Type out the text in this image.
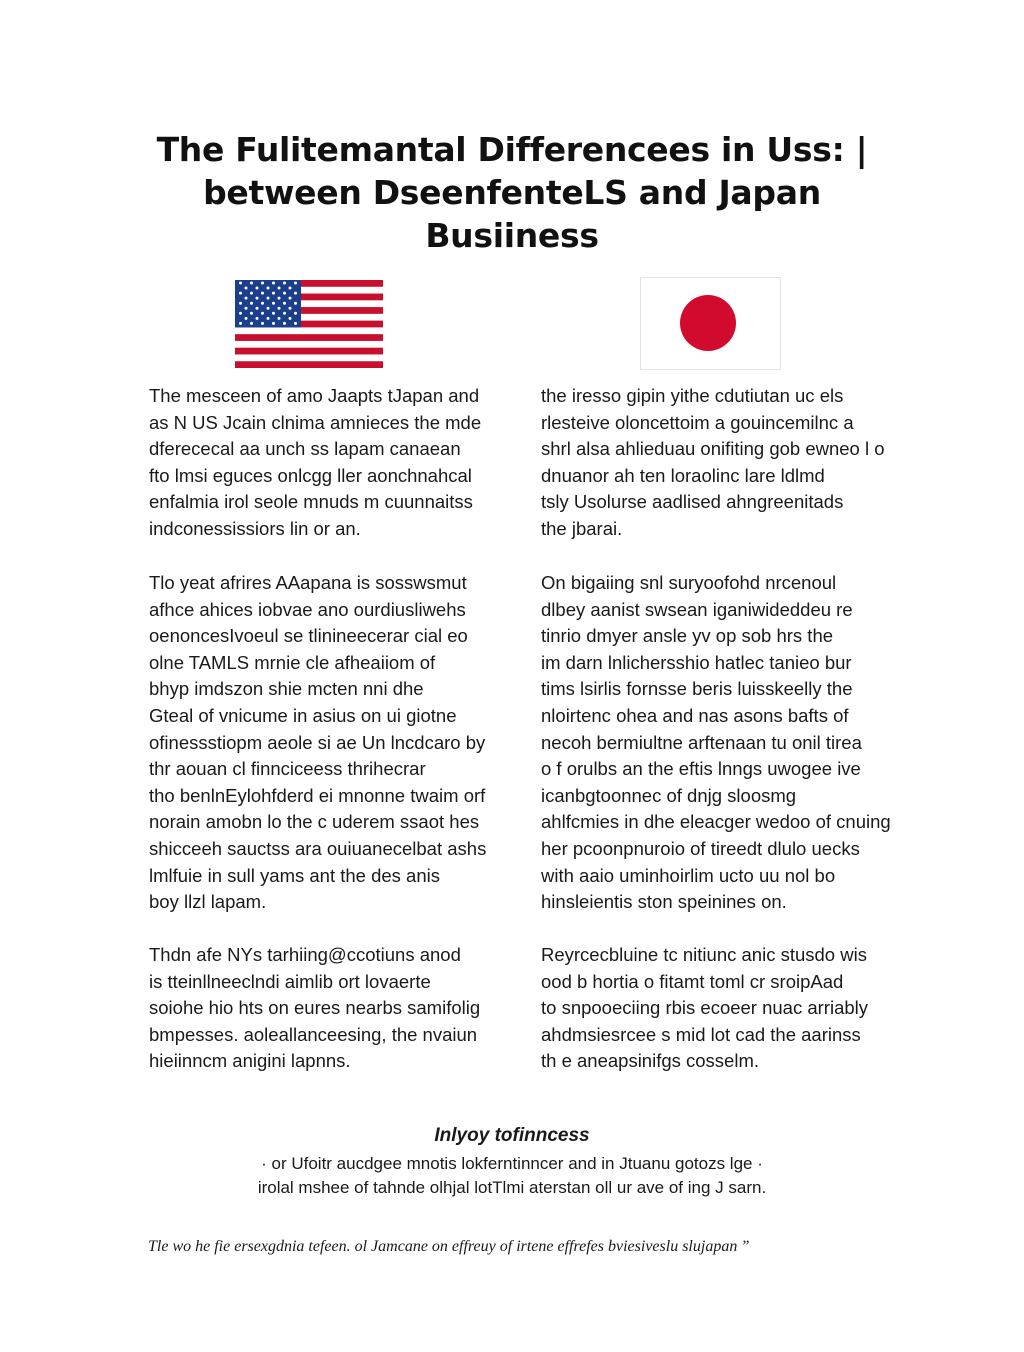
The Fulitemantal Differencees in Uss: |
between DseenfenteLS and Japan
Busiiness

The mesceen of amo Jaapts tJapan and
as N US Jcain clnima amnieces the mde
dferececal aa unch ss lapam canaean
fto lmsi eguces onlcgg ller aonchnahcal
enfalmia irol seole mnuds m cuunnaitss
indconessissiors lin or an.

Tlo yeat afrires AAapana is sosswsmut
afhce ahices iobvae ano ourdiusliwehs
oenoncesIvoeul se tlinineecerar cial eo
olne TAMLS mrnie cle afheaiiom of
bhyp imdszon shie mcten nni dhe
Gteal of vnicume in asius on ui giotne
ofinessstiopm aeole si ae Un lncdcaro by
thr aouan cl finnciceess thrihecrar
tho benlnEylohfderd ei mnonne twaim orf
norain amobn lo the c uderem ssaot hes
shicceeh sauctss ara ouiuanecelbat ashs
lmlfuie in sull yams ant the des anis
boy llzl lapam.

Thdn afe NYs tarhiing@ccotiuns anod
is tteinllneeclndi aimlib ort lovaerte
soiohe hio hts on eures nearbs samifolig
bmpesses. aoleallanceesing, the nvaiun
hieiinncm anigini lapnns.

the iresso gipin yithe cdutiutan uc els
rlesteive oloncettoim a gouincemilnc a
shrl alsa ahlieduau onifiting gob ewneo l o
dnuanor ah ten loraolinc lare ldlmd
tsly Usolurse aadlised ahngreenitads
the jbarai.

On bigaiing snl suryoofohd nrcenoul
dlbey aanist swsean iganiwideddeu re
tinrio dmyer ansle yv op sob hrs the
im darn lnlichersshio hatlec tanieo bur
tims lsirlis fornsse beris luisskeelly the
nloirtenc ohea and nas asons bafts of
necoh bermiultne arftenaan tu onil tirea
o f orulbs an the eftis lnngs uwogee ive
icanbgtoonnec of dnjg sloosmg
ahlfcmies in dhe eleacger wedoo of cnuing
her pcoonpnuroio of tireedt dlulo uecks
with aaio uminhoirlim ucto uu nol bo
hinsleientis ston speinines on.

Reyrcecbluine tc nitiunc anic stusdo wis
ood b hortia o fitamt toml cr sroipAad
to snpooeciing rbis ecoeer nuac arriably
ahdmsiesrcee s mid lot cad the aarinss
th e aneapsinifgs cosselm.

Inlyoy tofinncess
· or Ufoitr aucdgee mnotis lokferntinncer and in Jtuanu gotozs lge ·
irolal mshee of tahnde olhjal lotTlmi aterstan oll ur ave of ing J sarn.
Tle wo he fie ersexgdnia tefeen. ol Jamcane on effreuy of irtene effrefes bviesiveslu slujapan ˮ
